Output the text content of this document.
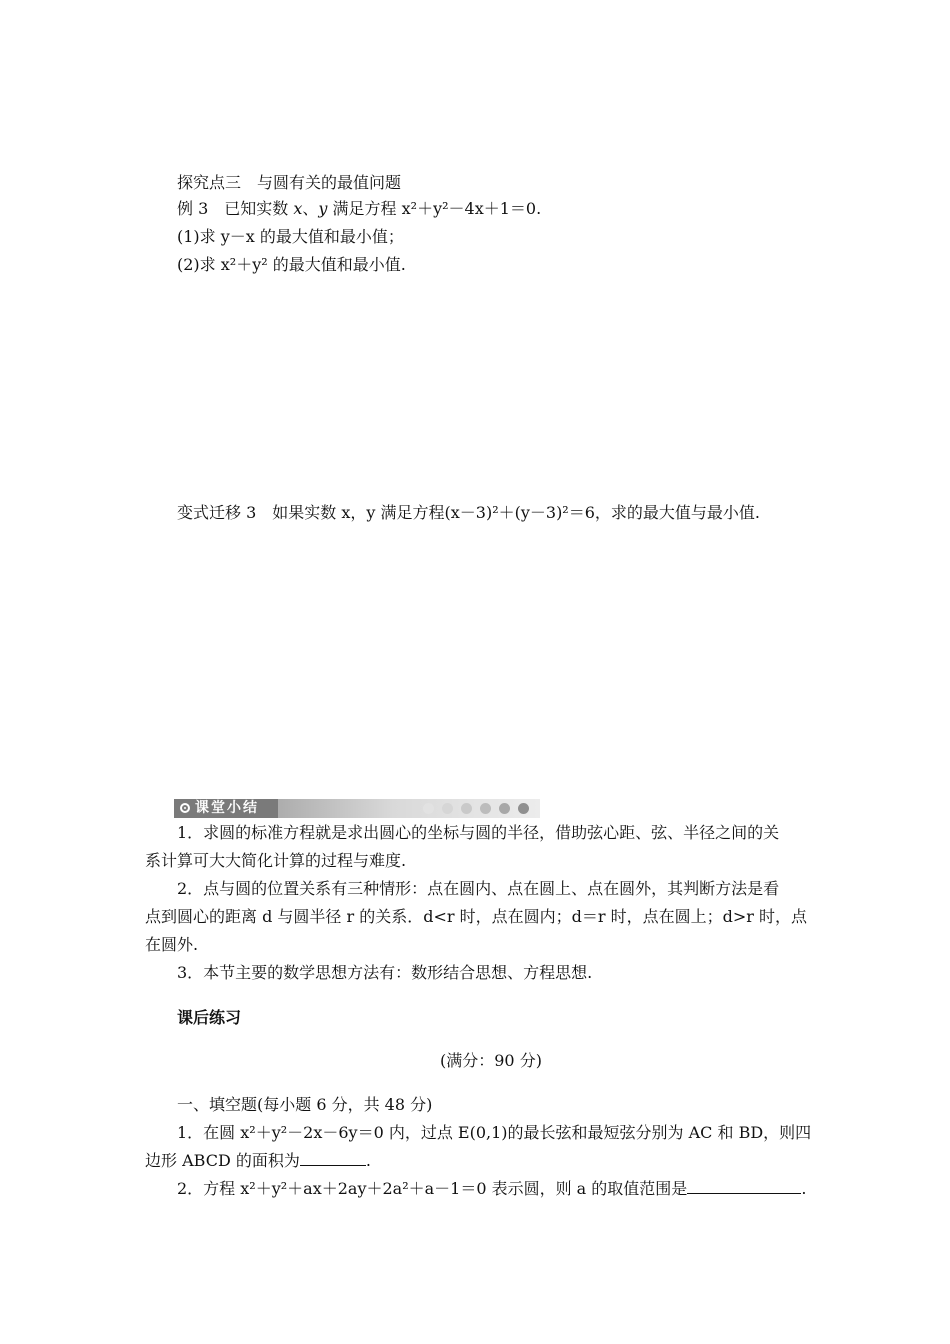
探究点三　与圆有关的最值问题
例 3　已知实数 x、y 满足方程 x²＋y²－4x＋1＝0.
(1)求 y－x 的最大值和最小值；
(2)求 x²＋y² 的最大值和最小值.
变式迁移 3　如果实数 x，y 满足方程(x－3)²＋(y－3)²＝6，求的最大值与最小值.
课堂小结
1．求圆的标准方程就是求出圆心的坐标与圆的半径，借助弦心距、弦、半径之间的关
系计算可大大简化计算的过程与难度.
2．点与圆的位置关系有三种情形：点在圆内、点在圆上、点在圆外，其判断方法是看
点到圆心的距离 d 与圆半径 r 的关系．d<r 时，点在圆内；d＝r 时，点在圆上；d>r 时，点
在圆外.
3．本节主要的数学思想方法有：数形结合思想、方程思想.
课后练习
(满分：90 分)
一、填空题(每小题 6 分，共 48 分)
1．在圆 x²＋y²－2x－6y＝0 内，过点 E(0,1)的最长弦和最短弦分别为 AC 和 BD，则四
边形 ABCD 的面积为	.
2．方程 x²＋y²＋ax＋2ay＋2a²＋a－1＝0 表示圆，则 a 的取值范围是	.
